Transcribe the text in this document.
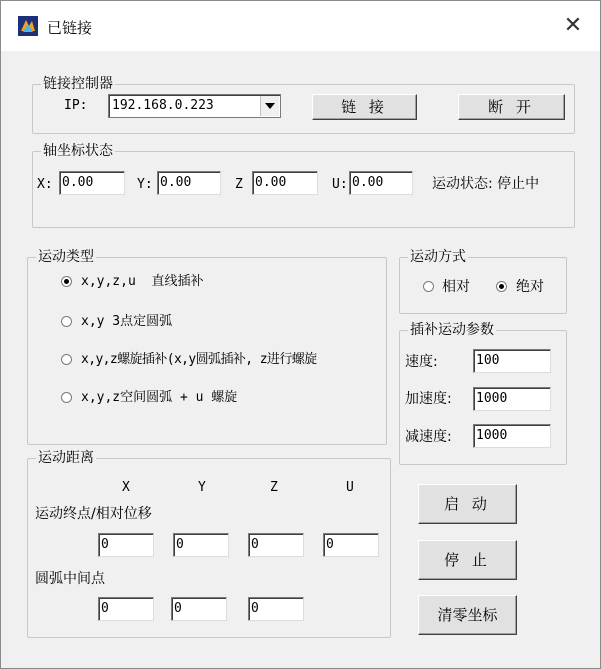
已链接	✕
链接控制器
IP:	192.168.0.223	链 接	断 开
轴坐标状态
X: 0.00	Y: 0.00	Z 0.00	U: 0.00	运动状态: 停止中
运动类型
x,y,z,u  直线插补
x,y 3点定圆弧
x,y,z螺旋插补(x,y圆弧插补, z进行螺旋
x,y,z空间圆弧 + u 螺旋
运动方式
相对	绝对
插补运动参数
速度:	100
加速度: 1000
减速度: 1000
运动距离
X	Y	Z	U
运动终点/相对位移
0	0	0	0
圆弧中间点
0	0	0
启 动
停 止
清零坐标
